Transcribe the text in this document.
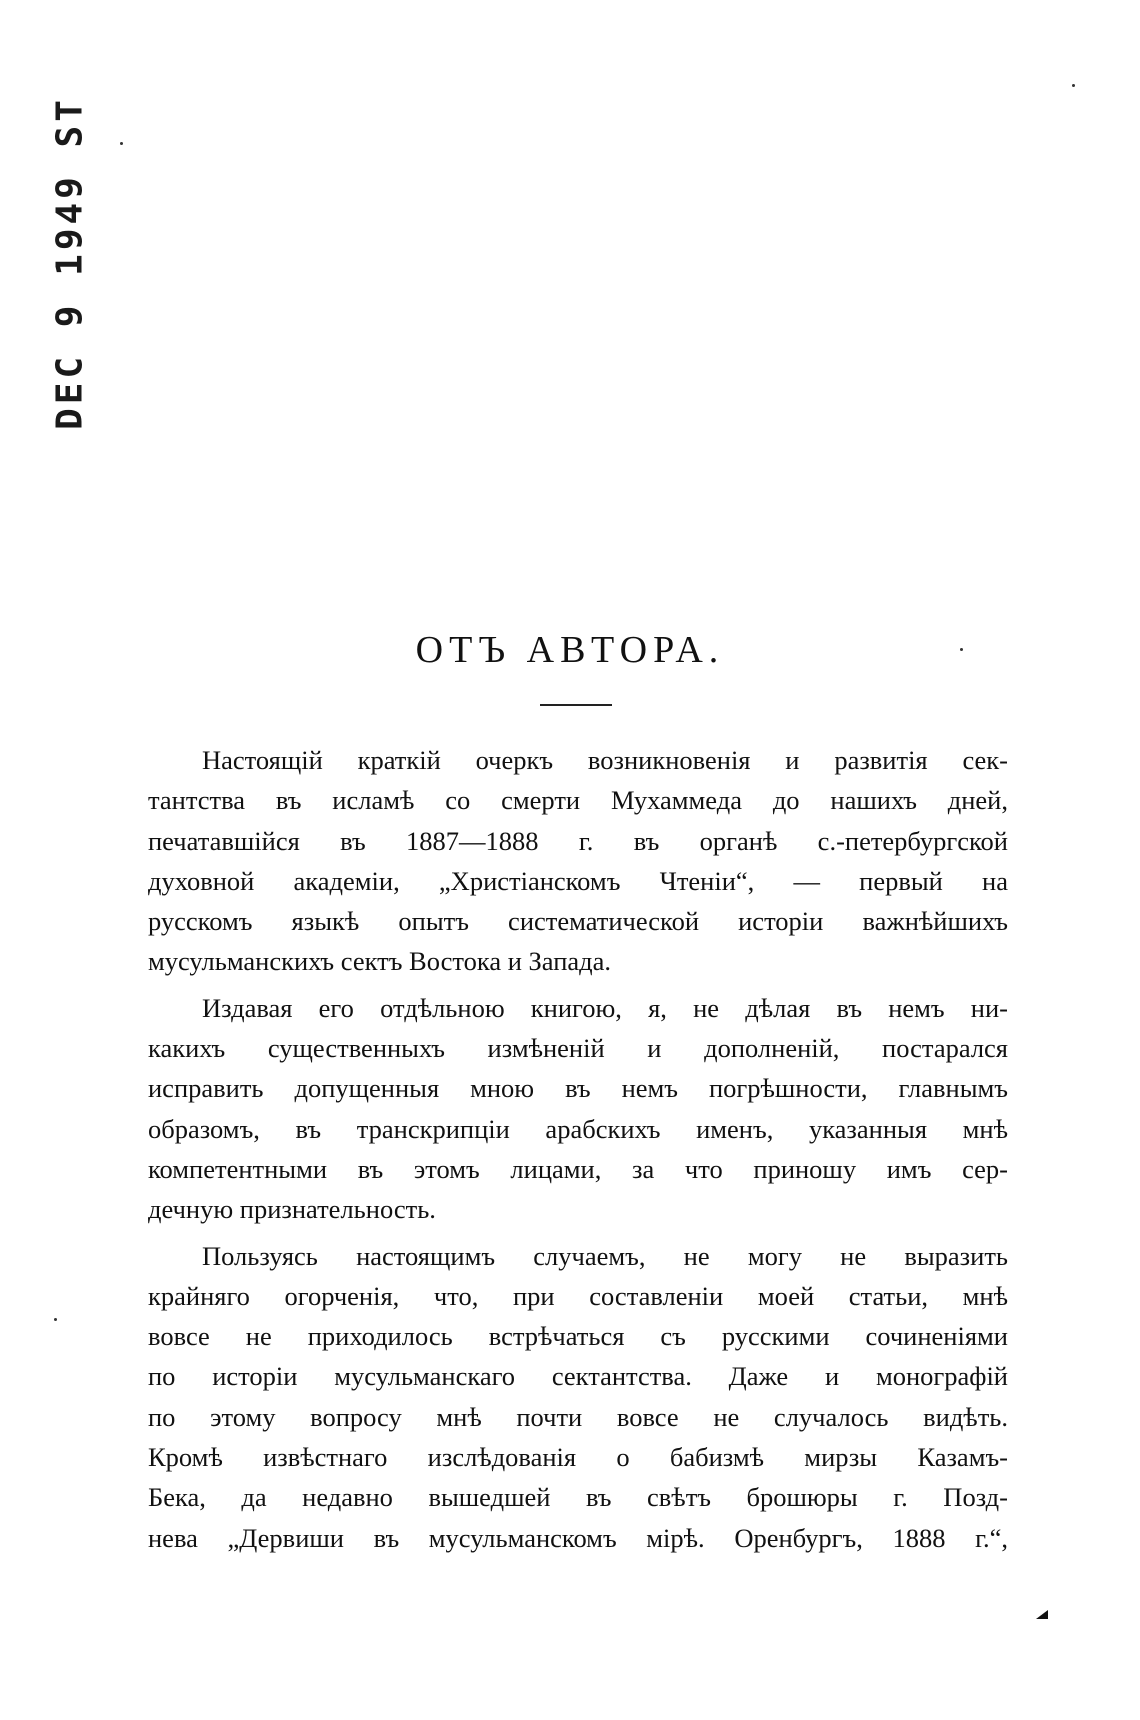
DEC 9 1949 ST
ОТЪ АВТОРА.

Настоящій краткій очеркъ возникновенія и развитія сек-
тантства въ исламѣ со смерти Мухаммеда до нашихъ дней,
печатавшійся въ 1887—1888 г. въ органѣ с.-петербургской
духовной академіи, „Христіанскомъ Чтеніи“, — первый на
русскомъ языкѣ опытъ систематической исторіи важнѣйшихъ
мусульманскихъ сектъ Востока и Запада.

Издавая его отдѣльною книгою, я, не дѣлая въ немъ ни-
какихъ существенныхъ измѣненій и дополненій, постарался
исправить допущенныя мною въ немъ погрѣшности, главнымъ
образомъ, въ транскрипціи арабскихъ именъ, указанныя мнѣ
компетентными въ этомъ лицами, за что приношу имъ сер-
дечную признательность.

Пользуясь настоящимъ случаемъ, не могу не выразить
крайняго огорченія, что, при составленіи моей статьи, мнѣ
вовсе не приходилось встрѣчаться съ русскими сочиненіями
по исторіи мусульманскаго сектантства. Даже и монографій
по этому вопросу мнѣ почти вовсе не случалось видѣть.
Кромѣ извѣстнаго изслѣдованія о бабизмѣ мирзы Казамъ-
Бека, да недавно вышедшей въ свѣтъ брошюры г. Позд-
нева „Дервиши въ мусульманскомъ мірѣ. Оренбургъ, 1888 г.“,
